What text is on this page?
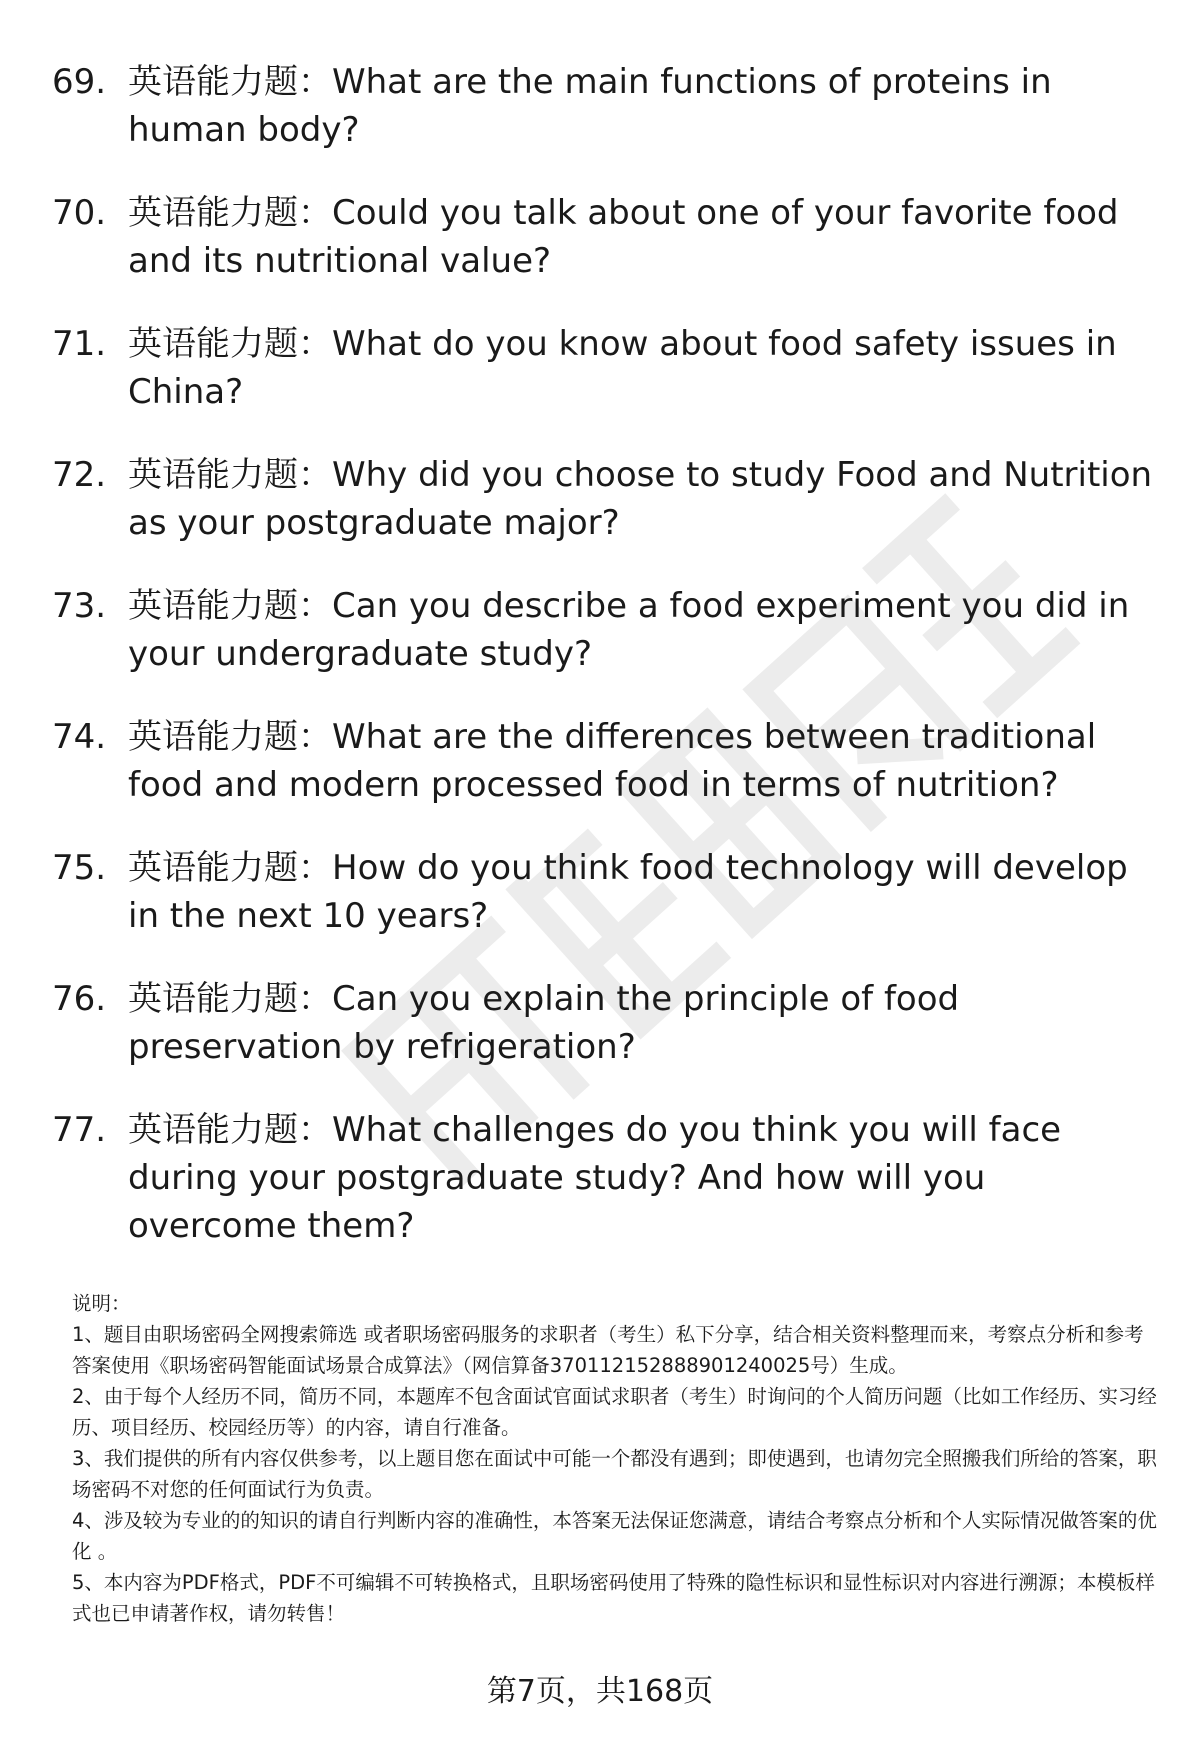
69. 英语能力题：What are the main functions of proteins in human body?
70. 英语能力题：Could you talk about one of your favorite food and its nutritional value?
71. 英语能力题：What do you know about food safety issues in China?
72. 英语能力题：Why did you choose to study Food and Nutrition as your postgraduate major?
73. 英语能力题：Can you describe a food experiment you did in your undergraduate study?
74. 英语能力题：What are the differences between traditional food and modern processed food in terms of nutrition?
75. 英语能力题：How do you think food technology will develop in the next 10 years?
76. 英语能力题：Can you explain the principle of food preservation by refrigeration?
77. 英语能力题：What challenges do you think you will face during your postgraduate study? And how will you overcome them?

说明：

1、题目由职场密码全网搜索筛选 或者职场密码服务的求职者（考生）私下分享，结合相关资料整理而来，考察点分析和参考答案使用《职场密码智能面试场景合成算法》（网信算备370112152888901240025号）生成。

2、由于每个人经历不同，简历不同，本题库不包含面试官面试求职者（考生）时询问的个人简历问题（比如工作经历、实习经历、项目经历、校园经历等）的内容，请自行准备。

3、我们提供的所有内容仅供参考，以上题目您在面试中可能一个都没有遇到；即使遇到，也请勿完全照搬我们所给的答案，职场密码不对您的任何面试行为负责。

4、涉及较为专业的的知识的请自行判断内容的准确性，本答案无法保证您满意，请结合考察点分析和个人实际情况做答案的优化 。

5、本内容为PDF格式，PDF不可编辑不可转换格式，且职场密码使用了特殊的隐性标识和显性标识对内容进行溯源；本模板样式也已申请著作权，请勿转售！

第7页，共168页
